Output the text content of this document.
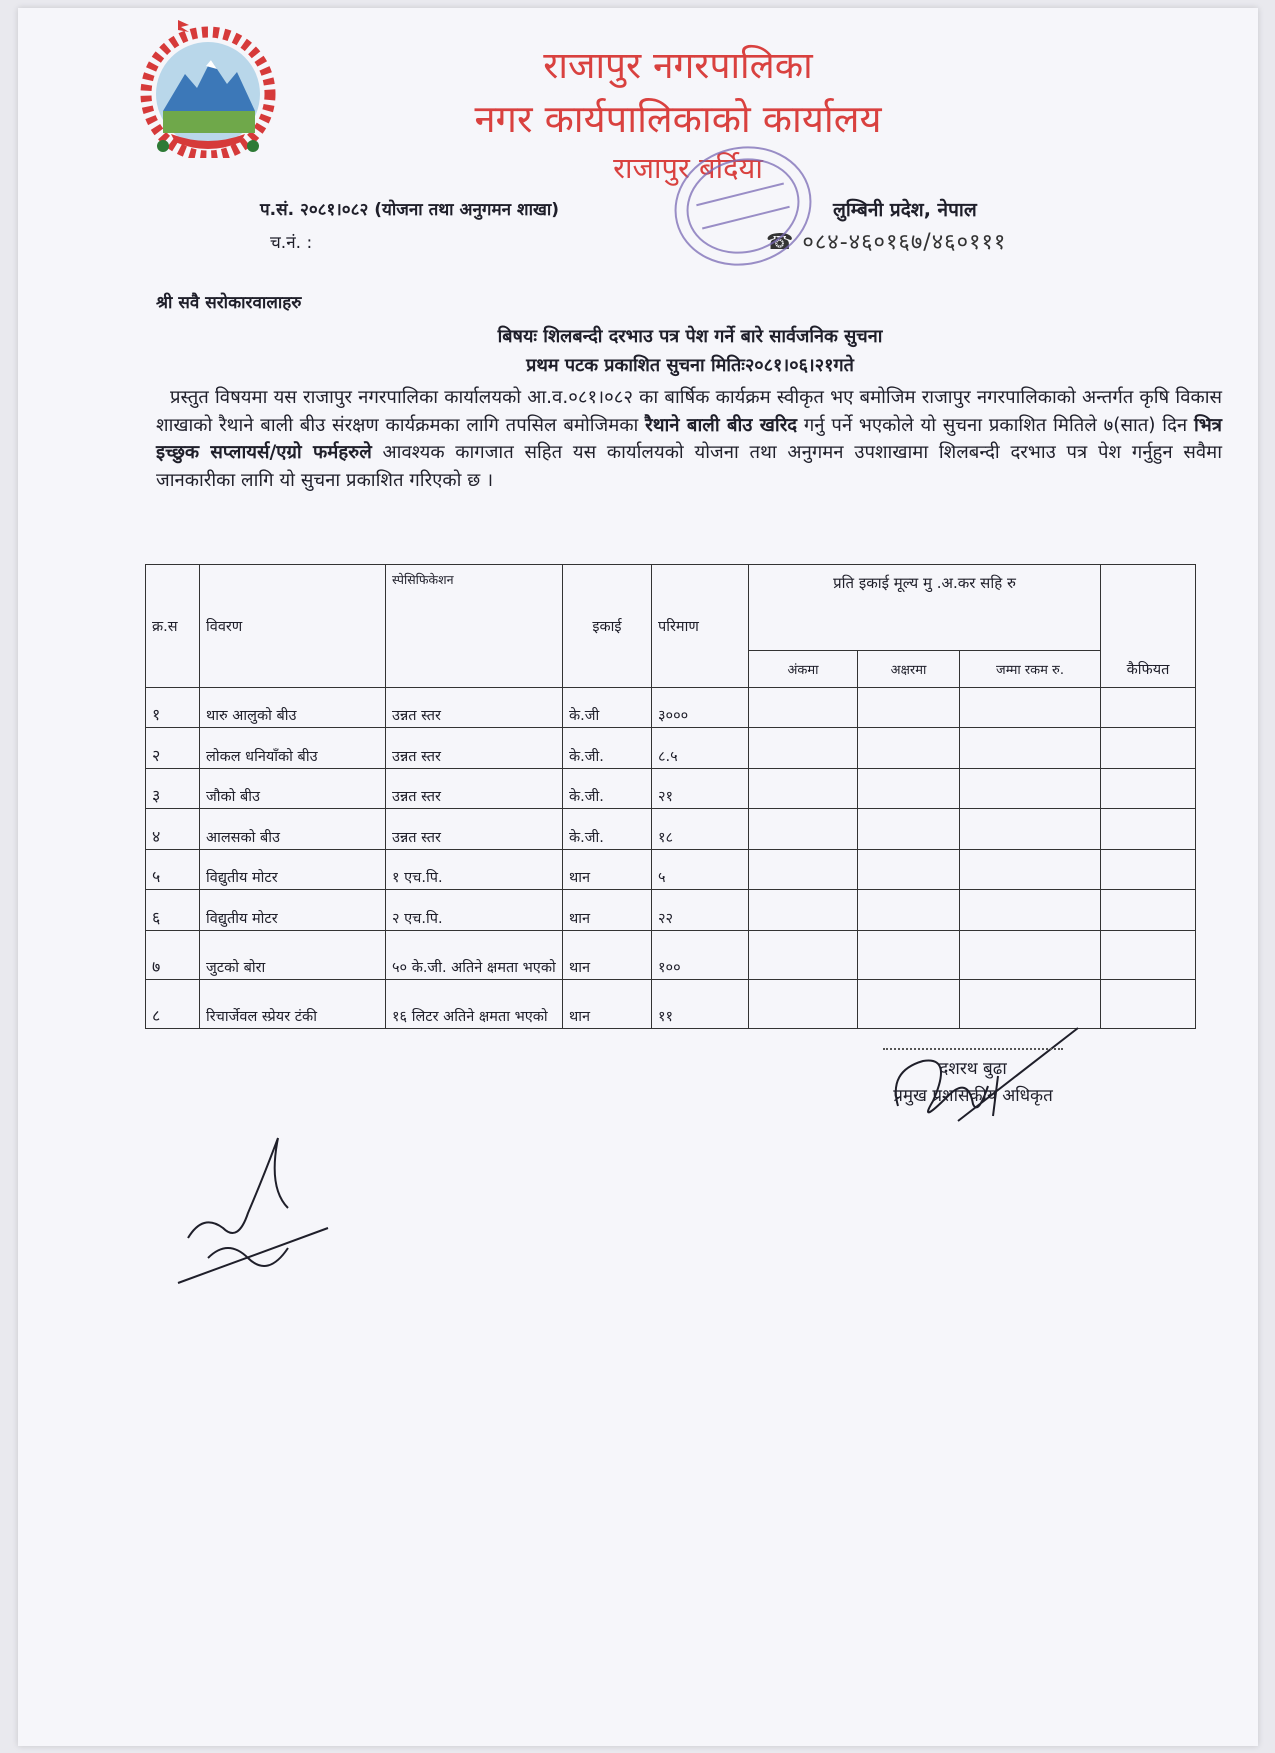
राजापुर नगरपालिका
नगर कार्यपालिकाको कार्यालय
राजापुर बर्दिया
प.सं. २०८१।०८२ (योजना तथा अनुगमन शाखा)
च.नं. :
लुम्बिनी प्रदेश, नेपाल
☎ ०८४-४६०१६७/४६०१११
श्री सवै सरोकारवालाहरु
बिषयः शिलबन्दी दरभाउ पत्र पेश गर्ने बारे सार्वजनिक सुचना
प्रथम पटक प्रकाशित सुचना मितिः२०८१।०६।२१गते
प्रस्तुत विषयमा यस राजापुर नगरपालिका कार्यालयको आ.व.०८१।०८२ का बार्षिक कार्यक्रम स्वीकृत भए बमोजिम राजापुर नगरपालिकाको अन्तर्गत कृषि विकास शाखाको रैथाने बाली बीउ संरक्षण कार्यक्रमका लागि तपसिल बमोजिमका रैथाने बाली बीउ खरिद गर्नु पर्ने भएकोले यो सुचना प्रकाशित मितिले ७(सात) दिन भित्र इच्छुक सप्लायर्स/एग्रो फर्महरुले आवश्यक कागजात सहित यस कार्यालयको योजना तथा अनुगमन उपशाखामा शिलबन्दी दरभाउ पत्र पेश गर्नुहुन सवैमा जानकारीका लागि यो सुचना प्रकाशित गरिएको छ ।
क्र.स	विवरण	स्पेसिफिकेशन	इकाई	परिमाण	प्रति इकाई मूल्य मु .अ.कर सहि रु			कैफियत
					अंकमा	अक्षरमा	जम्मा रकम रु.	
१	थारु आलुको बीउ	उन्नत स्तर	के.जी	३०००				
२	लोकल धनियाँको बीउ	उन्नत स्तर	के.जी.	८.५				
३	जौको बीउ	उन्नत स्तर	के.जी.	२१				
४	आलसको बीउ	उन्नत स्तर	के.जी.	१८				
५	विद्युतीय मोटर	१ एच.पि.	थान	५				
६	विद्युतीय मोटर	२ एच.पि.	थान	२२				
७	जुटको बोरा	५० के.जी. अतिने क्षमता भएको	थान	१००				
८	रिचार्जेवल स्प्रेयर टंकी	१६ लिटर अतिने क्षमता भएको	थान	११				
दशरथ बुढा
प्रमुख प्रशासकीय अधिकृत
